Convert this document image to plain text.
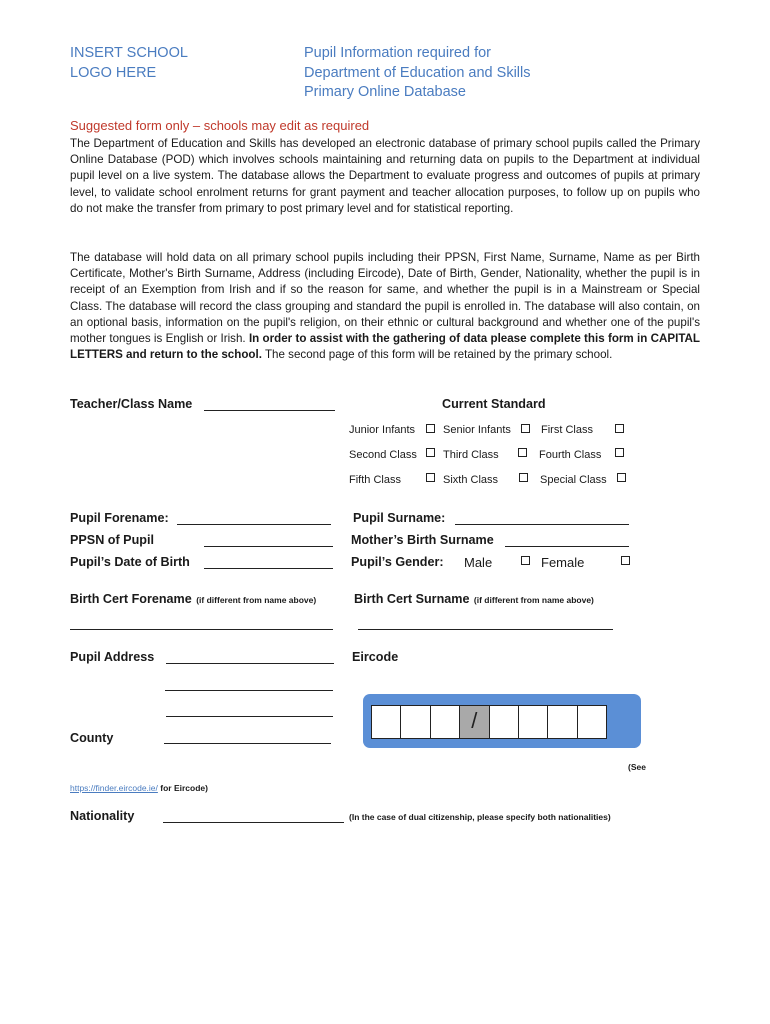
INSERT SCHOOL
LOGO HERE
Pupil Information required for
Department of Education and Skills
Primary Online Database
Suggested form only – schools may edit as required
The Department of Education and Skills has developed an electronic database of primary school pupils called the Primary Online Database (POD) which involves schools maintaining and returning data on pupils to the Department at individual pupil level on a live system. The database allows the Department to evaluate progress and outcomes of pupils at primary level, to validate school enrolment returns for grant payment and teacher allocation purposes, to follow up on pupils who do not make the transfer from primary to post primary level and for statistical reporting.
The database will hold data on all primary school pupils including their PPSN, First Name, Surname, Name as per Birth Certificate, Mother's Birth Surname, Address (including Eircode), Date of Birth, Gender, Nationality, whether the pupil is in receipt of an Exemption from Irish and if so the reason for same, and whether the pupil is in a Mainstream or Special Class. The database will record the class grouping and standard the pupil is enrolled in. The database will also contain, on an optional basis, information on the pupil's religion, on their ethnic or cultural background and whether one of the pupil's mother tongues is English or Irish. In order to assist with the gathering of data please complete this form in CAPITAL LETTERS and return to the school. The second page of this form will be retained by the primary school.
Teacher/Class Name	Current Standard
Junior Infants	Senior Infants	First Class
Second Class Third Class	Fourth Class
Fifth Class	Sixth Class	Special Class
Pupil Forename:	Pupil Surname:
PPSN of Pupil	Mother’s Birth Surname
Pupil’s Date of Birth	Pupil’s Gender: Male	Female
Birth Cert Forename (if different from name above)	Birth Cert Surname (if different from name above)
Pupil Address	Eircode
/
County
(See
https://finder.eircode.ie/ for Eircode)
Nationality	(In the case of dual citizenship, please specify both nationalities)
